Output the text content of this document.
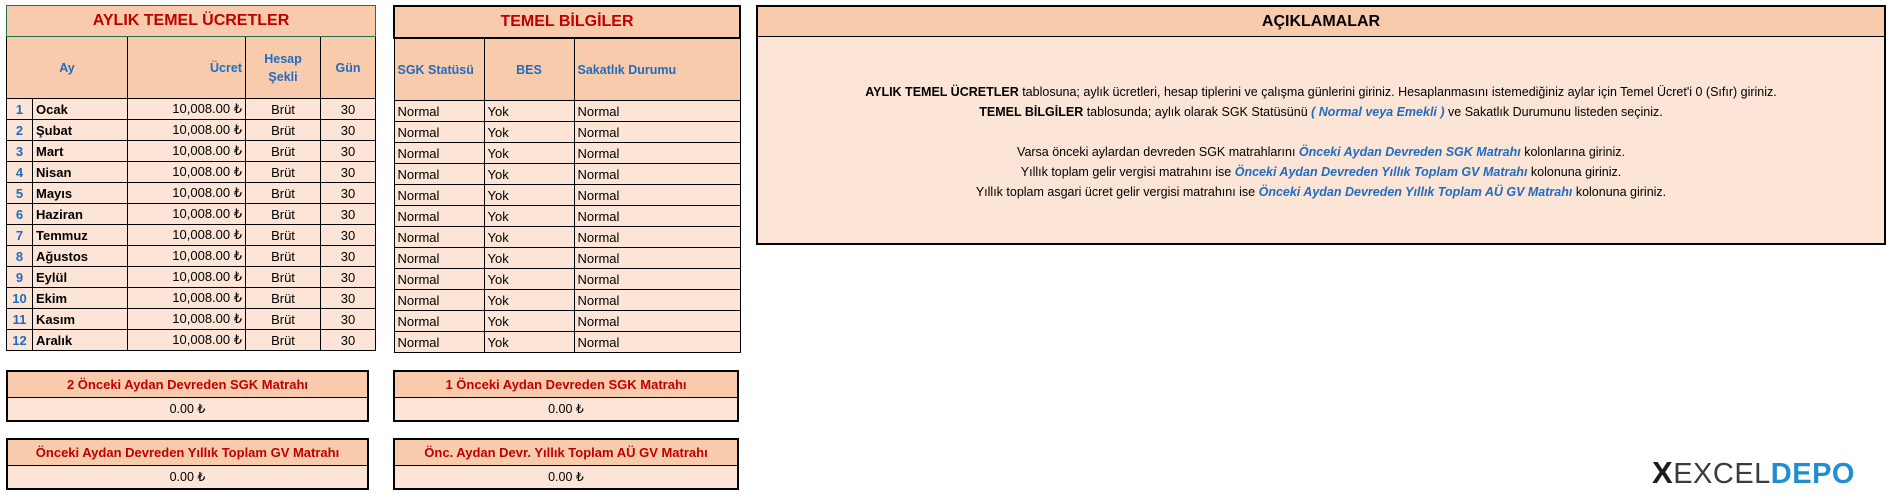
AYLIK TEMEL ÜCRETLER				
Ay		Ücret	Hesap Şekli	Gün
1	Ocak	10,008.00 ₺	Brüt	30
2	Şubat	10,008.00 ₺	Brüt	30
3	Mart	10,008.00 ₺	Brüt	30
4	Nisan	10,008.00 ₺	Brüt	30
5	Mayıs	10,008.00 ₺	Brüt	30
6	Haziran	10,008.00 ₺	Brüt	30
7	Temmuz	10,008.00 ₺	Brüt	30
8	Ağustos	10,008.00 ₺	Brüt	30
9	Eylül	10,008.00 ₺	Brüt	30
10	Ekim	10,008.00 ₺	Brüt	30
11	Kasım	10,008.00 ₺	Brüt	30
12	Aralık	10,008.00 ₺	Brüt	30
TEMEL BİLGİLER		
SGK Statüsü	BES	Sakatlık Durumu
Normal	Yok	Normal
Normal	Yok	Normal
Normal	Yok	Normal
Normal	Yok	Normal
Normal	Yok	Normal
Normal	Yok	Normal
Normal	Yok	Normal
Normal	Yok	Normal
Normal	Yok	Normal
Normal	Yok	Normal
Normal	Yok	Normal
Normal	Yok	Normal
2 Önceki Aydan Devreden SGK Matrahı
0.00 ₺
1 Önceki Aydan Devreden SGK Matrahı
0.00 ₺
Önceki Aydan Devreden Yıllık Toplam GV Matrahı
0.00 ₺
Önc. Aydan Devr. Yıllık Toplam AÜ GV Matrahı
0.00 ₺
AÇIKLAMALAR
AYLIK TEMEL ÜCRETLER tablosuna; aylık ücretleri, hesap tiplerini ve çalışma günlerini giriniz. Hesaplanmasını istemediğiniz aylar için Temel Ücret'i 0 (Sıfır) giriniz.
TEMEL BİLGİLER tablosunda; aylık olarak SGK Statüsünü ( Normal veya Emekli ) ve Sakatlık Durumunu listeden seçiniz.
Varsa önceki aylardan devreden SGK matrahlarını Önceki Aydan Devreden SGK Matrahı kolonlarına giriniz.
Yıllık toplam gelir vergisi matrahını ise Önceki Aydan Devreden Yıllık Toplam GV Matrahı kolonuna giriniz.
Yıllık toplam asgari ücret gelir vergisi matrahını ise Önceki Aydan Devreden Yıllık Toplam AÜ GV Matrahı kolonuna giriniz.
XEXCELDEPO
